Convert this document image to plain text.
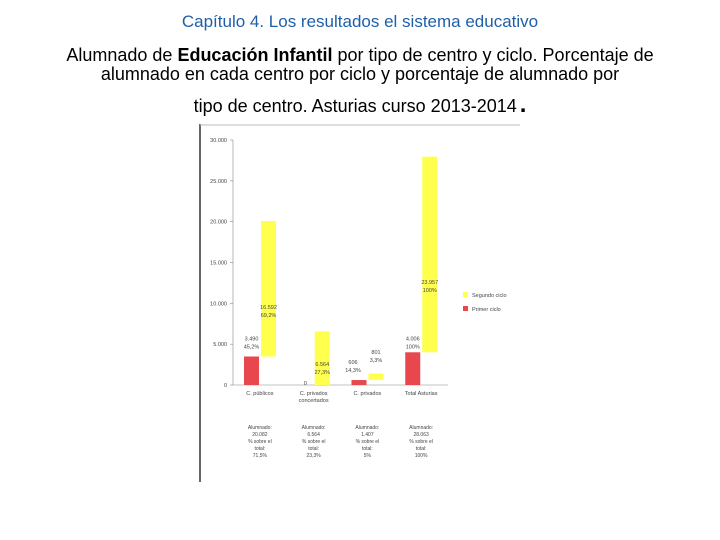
Capítulo 4. Los resultados el sistema educativo
Alumnado de Educación Infantil por tipo de centro y ciclo. Porcentaje de alumnado en cada centro por ciclo y porcentaje de alumnado por
tipo de centro. Asturias curso 2013-2014 .
0
5.000
10.000
15.000
20.000
25.000
30.000
3.490
45,2%
16.592
69,2%
C. públicos
Alumnado:
20.082
% sobre el
total:
71,5%
0
6.564
27,3%
C. privados
concertados
Alumnado:
6.564
% sobre el
total:
23,3%
606
14,3%
801
3,3%
C. privados
Alumnado:
1.407
% sobre el
total:
5%
4.006
100%
23.957
100%
Total Asturias
Alumnado:
28.063
% sobre el
total:
100%
Segundo ciclo
Primer ciclo
